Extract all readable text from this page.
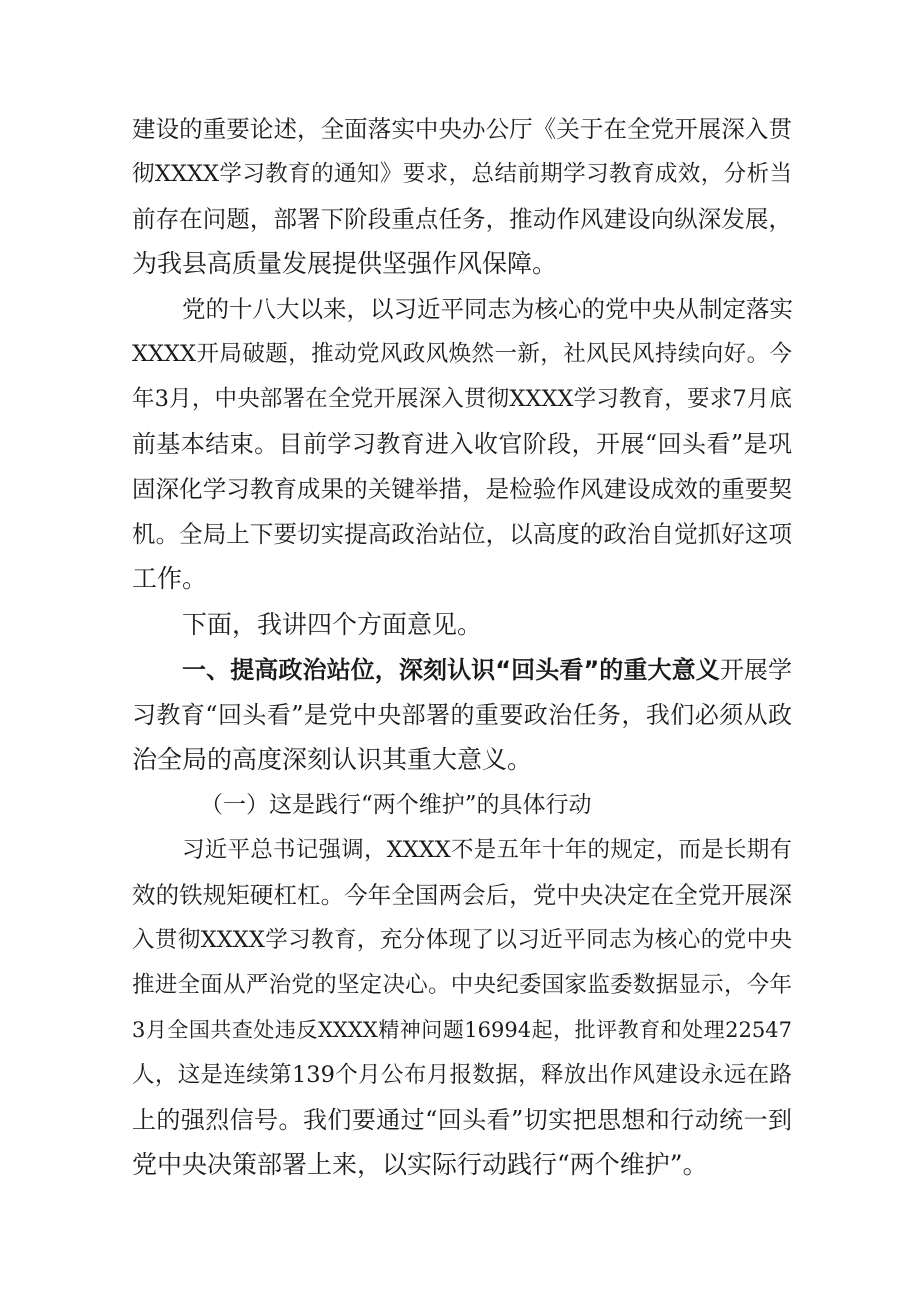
建设的重要论述，全面落实中央办公厅《关于在全党开展深入贯
彻XXXX学习教育的通知》要求，总结前期学习教育成效，分析当
前存在问题，部署下阶段重点任务，推动作风建设向纵深发展，
为我县高质量发展提供坚强作风保障。
党的十八大以来，以习近平同志为核心的党中央从制定落实
XXXX开局破题，推动党风政风焕然一新，社风民风持续向好。今
年3月，中央部署在全党开展深入贯彻XXXX学习教育，要求7月底
前基本结束。目前学习教育进入收官阶段，开展“回头看”是巩
固深化学习教育成果的关键举措，是检验作风建设成效的重要契
机。全局上下要切实提高政治站位，以高度的政治自觉抓好这项
工作。
下面，我讲四个方面意见。
一、提高政治站位，深刻认识“回头看”的重大意义开展学
习教育“回头看”是党中央部署的重要政治任务，我们必须从政
治全局的高度深刻认识其重大意义。
（一）这是践行“两个维护”的具体行动
习近平总书记强调，XXXX不是五年十年的规定，而是长期有
效的铁规矩硬杠杠。今年全国两会后，党中央决定在全党开展深
入贯彻XXXX学习教育，充分体现了以习近平同志为核心的党中央
推进全面从严治党的坚定决心。中央纪委国家监委数据显示，今年
3月全国共查处违反XXXX精神问题16994起，批评教育和处理22547
人，这是连续第139个月公布月报数据，释放出作风建设永远在路
上的强烈信号。我们要通过“回头看”切实把思想和行动统一到
党中央决策部署上来，以实际行动践行“两个维护”。
